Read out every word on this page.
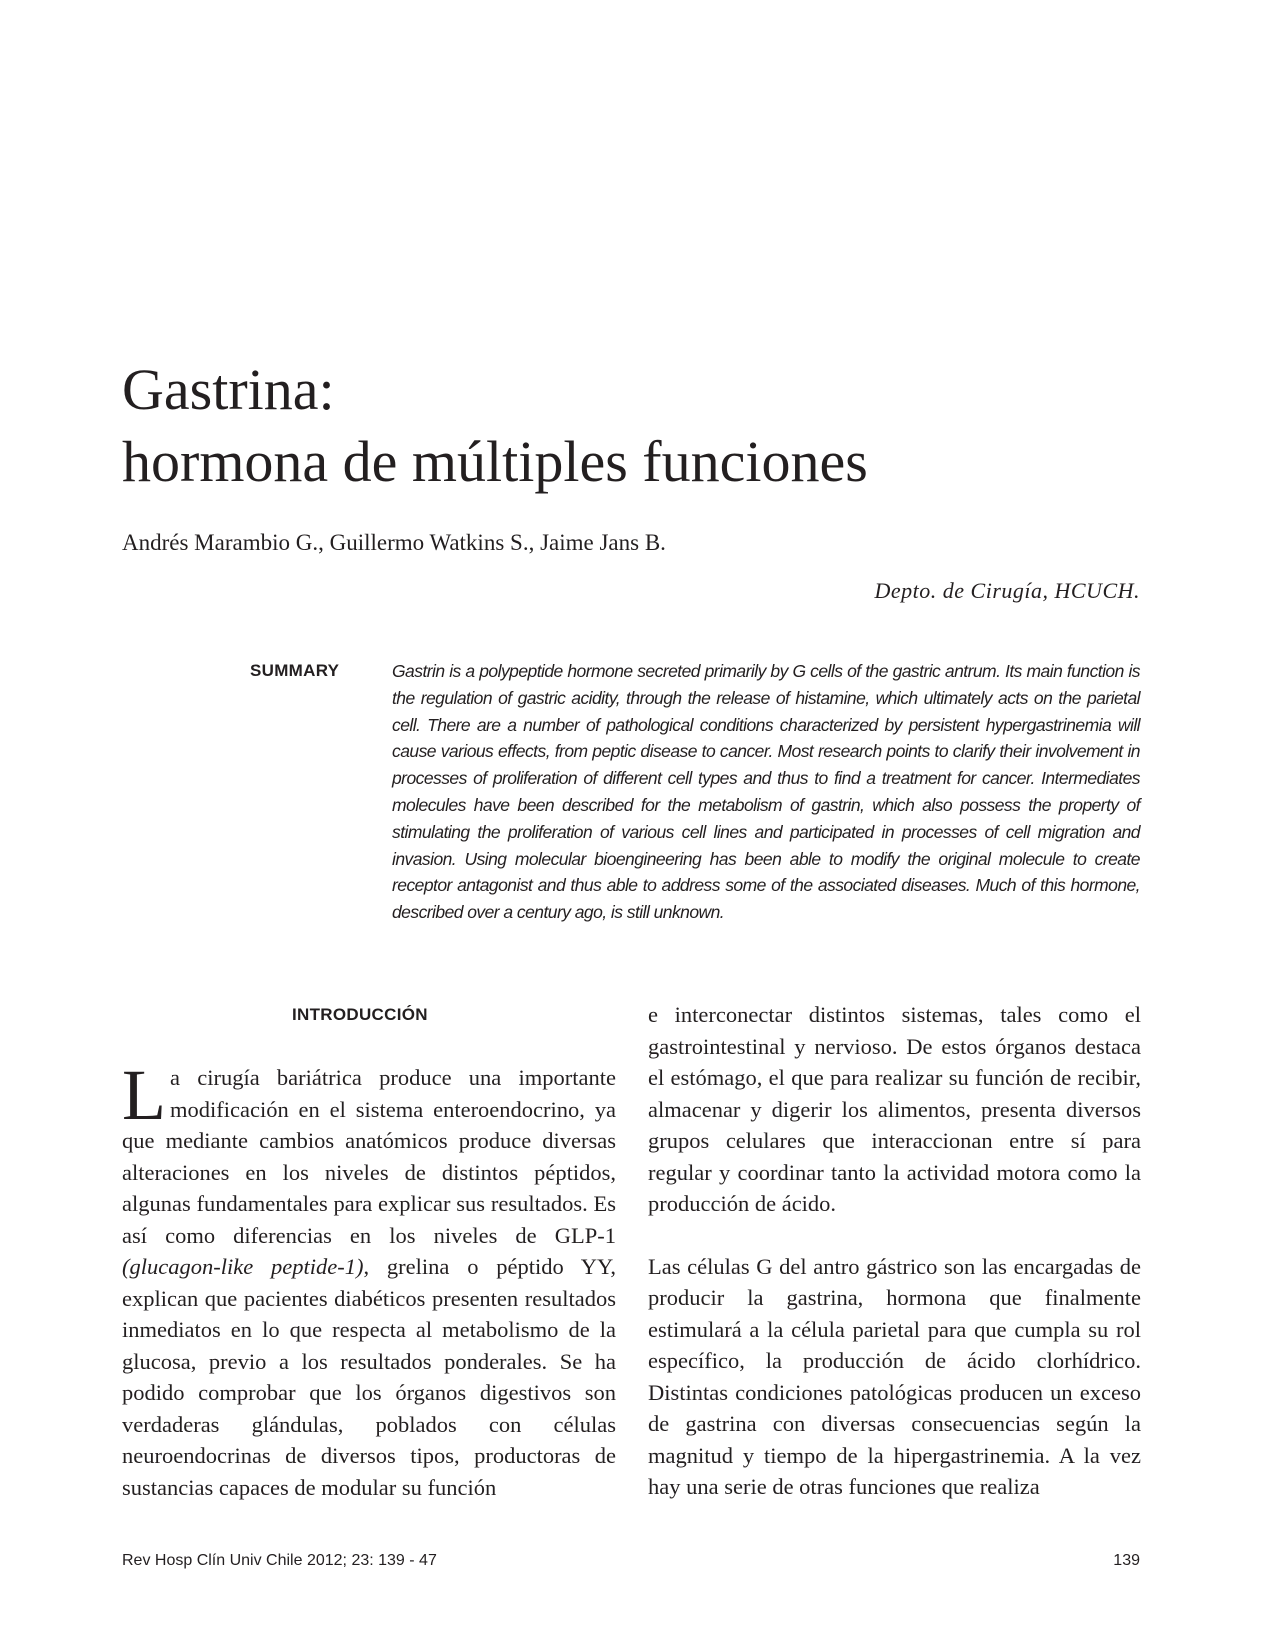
Gastrina:
hormona de múltiples funciones
Andrés Marambio G., Guillermo Watkins S., Jaime Jans B.
Depto. de Cirugía, HCUCH.
SUMMARY	Gastrin is a polypeptide hormone secreted primarily by G cells of the gastric antrum. Its main function is the regulation of gastric acidity, through the release of histamine, which ultimately acts on the parietal cell. There are a number of pathological conditions characterized by persistent hypergastrinemia will cause various effects, from peptic disease to cancer. Most research points to clarify their involvement in processes of proliferation of different cell types and thus to find a treatment for cancer. Intermediates molecules have been described for the metabolism of gastrin, which also possess the property of stimulating the proliferation of various cell lines and participated in processes of cell migration and invasion. Using molecular bioengineering has been able to modify the original molecule to create receptor antagonist and thus able to address some of the associated diseases. Much of this hormone, described over a century ago, is still unknown.

INTRODUCCIÓN

La cirugía bariátrica produce una importante modificación en el sistema enteroendocrino, ya que mediante cambios anatómicos produce diversas alteraciones en los niveles de distintos péptidos, algunas fundamentales para explicar sus resultados. Es así como diferencias en los niveles de GLP-1 (glucagon-like peptide-1), grelina o péptido YY, explican que pacientes diabéticos presenten resultados inmediatos en lo que respecta al metabolismo de la glucosa, previo a los resultados ponderales. Se ha podido comprobar que los órganos digestivos son verdaderas glándulas, poblados con células neuroendocrinas de diversos tipos, productoras de sustancias capaces de modular su función

e interconectar distintos sistemas, tales como el gastrointestinal y nervioso. De estos órganos destaca el estómago, el que para realizar su función de recibir, almacenar y digerir los alimentos, presenta diversos grupos celulares que interaccionan entre sí para regular y coordinar tanto la actividad motora como la producción de ácido.

Las células G del antro gástrico son las encargadas de producir la gastrina, hormona que finalmente estimulará a la célula parietal para que cumpla su rol específico, la producción de ácido clorhídrico. Distintas condiciones patológicas producen un exceso de gastrina con diversas consecuencias según la magnitud y tiempo de la hipergastrinemia. A la vez hay una serie de otras funciones que realiza

Rev Hosp Clín Univ Chile 2012; 23: 139 - 47	139
